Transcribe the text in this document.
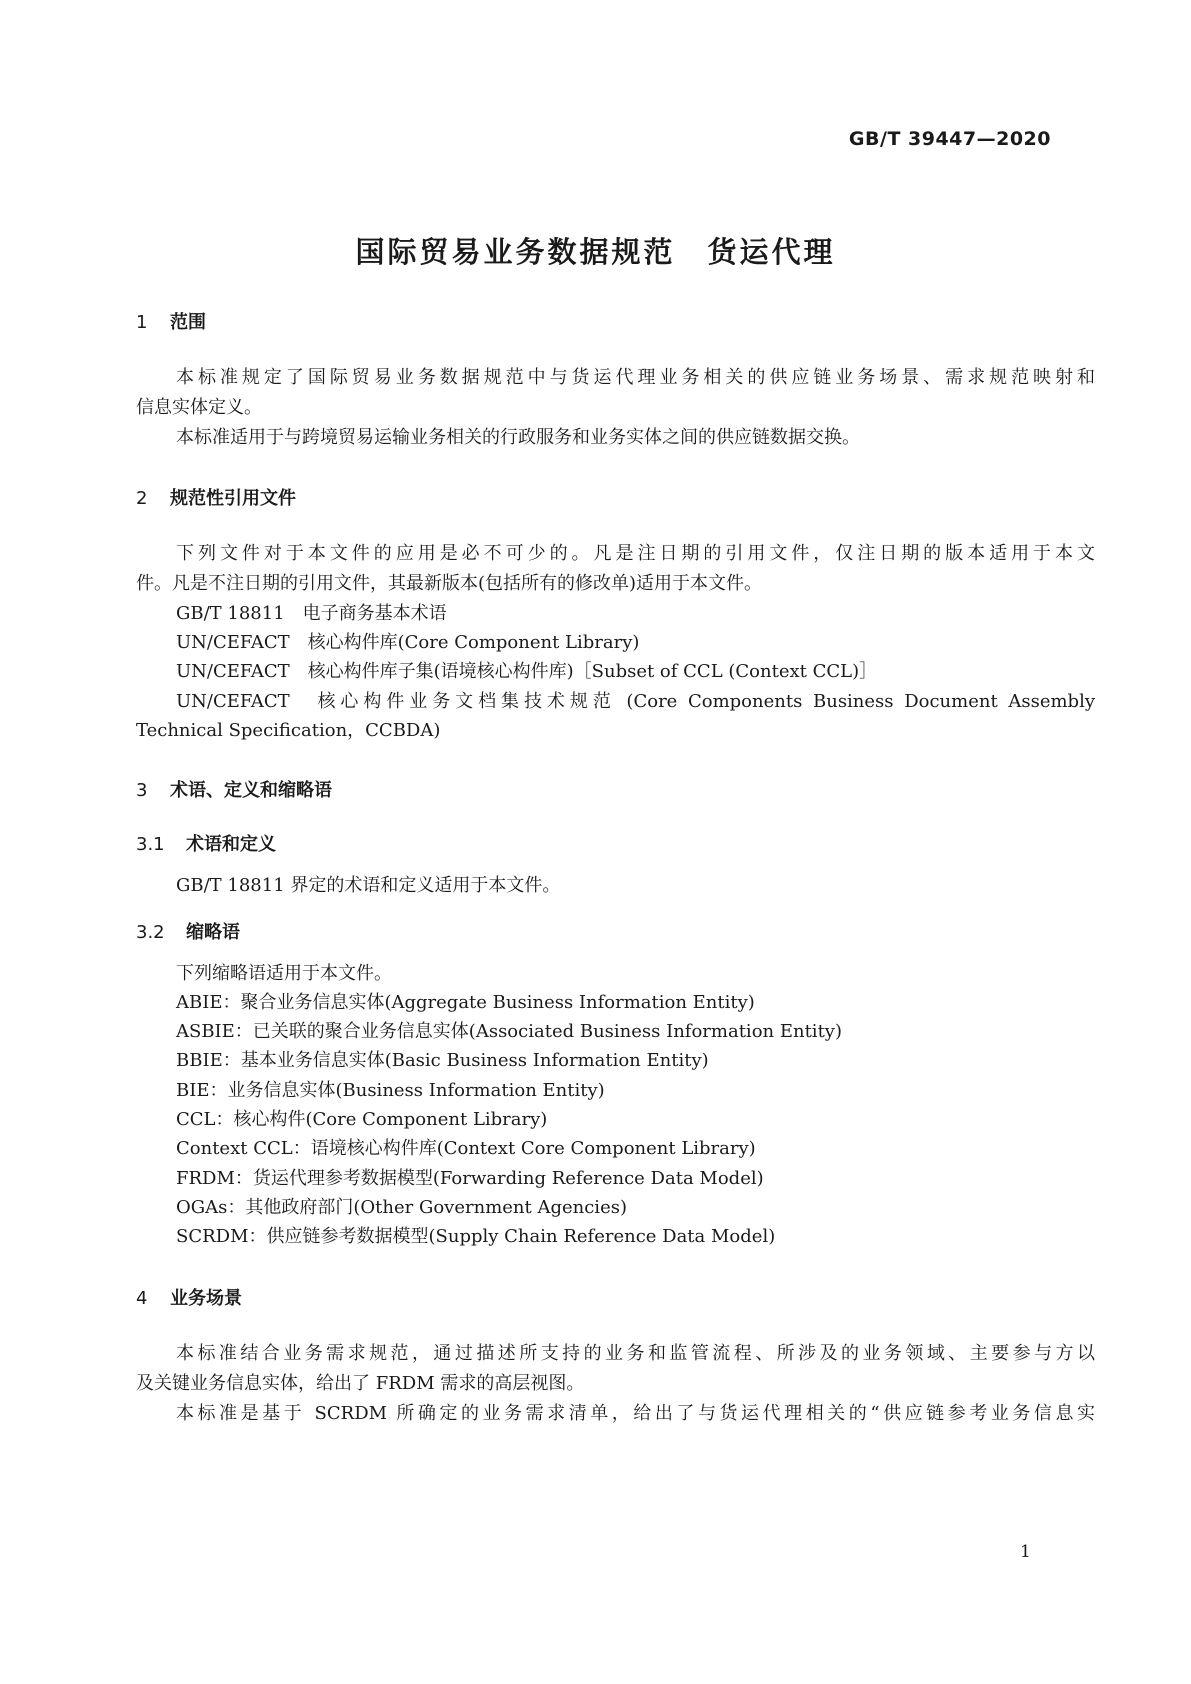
GB/T 39447—2020
国际贸易业务数据规范　货运代理
1 范围
本标准规定了国际贸易业务数据规范中与货运代理业务相关的供应链业务场景、需求规范映射和
信息实体定义。
本标准适用于与跨境贸易运输业务相关的行政服务和业务实体之间的供应链数据交换。
2 规范性引用文件
下列文件对于本文件的应用是必不可少的。凡是注日期的引用文件，仅注日期的版本适用于本文
件。凡是不注日期的引用文件，其最新版本(包括所有的修改单)适用于本文件。
GB/T 18811　电子商务基本术语
UN/CEFACT　核心构件库(Core Component Library)
UN/CEFACT　核心构件库子集(语境核心构件库)［Subset of CCL (Context CCL)］
UN/CEFACT　核心构件业务文档集技术规范 (Core Components Business Document Assembly
Technical Specification，CCBDA)
3 术语、定义和缩略语
3.1 术语和定义
GB/T 18811 界定的术语和定义适用于本文件。
3.2 缩略语
下列缩略语适用于本文件。
ABIE：聚合业务信息实体(Aggregate Business Information Entity)
ASBIE：已关联的聚合业务信息实体(Associated Business Information Entity)
BBIE：基本业务信息实体(Basic Business Information Entity)
BIE：业务信息实体(Business Information Entity)
CCL：核心构件(Core Component Library)
Context CCL：语境核心构件库(Context Core Component Library)
FRDM：货运代理参考数据模型(Forwarding Reference Data Model)
OGAs：其他政府部门(Other Government Agencies)
SCRDM：供应链参考数据模型(Supply Chain Reference Data Model)
4 业务场景
本标准结合业务需求规范，通过描述所支持的业务和监管流程、所涉及的业务领域、主要参与方以
及关键业务信息实体，给出了 FRDM 需求的高层视图。
本标准是基于 SCRDM 所确定的业务需求清单，给出了与货运代理相关的“供应链参考业务信息实
1
